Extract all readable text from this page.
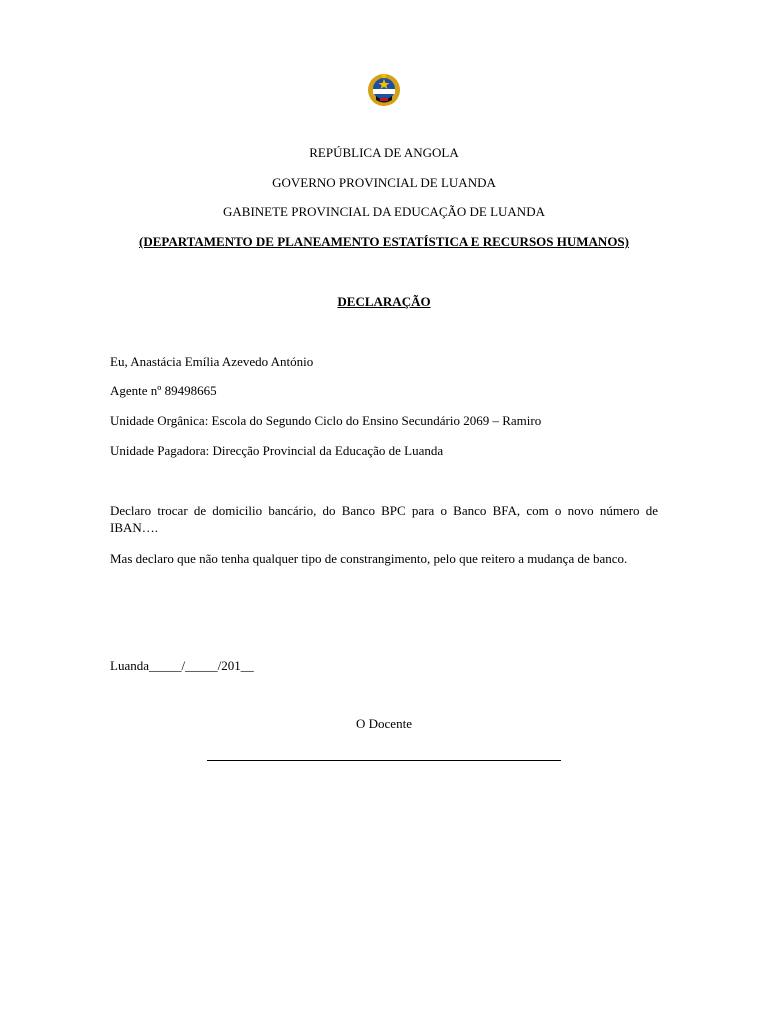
REPÚBLICA DE ANGOLA
GOVERNO PROVINCIAL DE LUANDA
GABINETE PROVINCIAL DA EDUCAÇÃO DE LUANDA
(DEPARTAMENTO DE PLANEAMENTO ESTATÍSTICA E RECURSOS HUMANOS)
DECLARAÇÃO
Eu, Anastácia Emília Azevedo António
Agente nº 89498665
Unidade Orgânica: Escola do Segundo Ciclo do Ensino Secundário 2069 – Ramiro
Unidade Pagadora: Direcção Provincial da Educação de Luanda
Declaro trocar de domicilio bancário, do Banco BPC para o Banco BFA, com o novo número de IBAN….
Mas declaro que não tenha qualquer tipo de constrangimento, pelo que reitero a mudança de banco.
Luanda_____/_____/201__
O Docente
